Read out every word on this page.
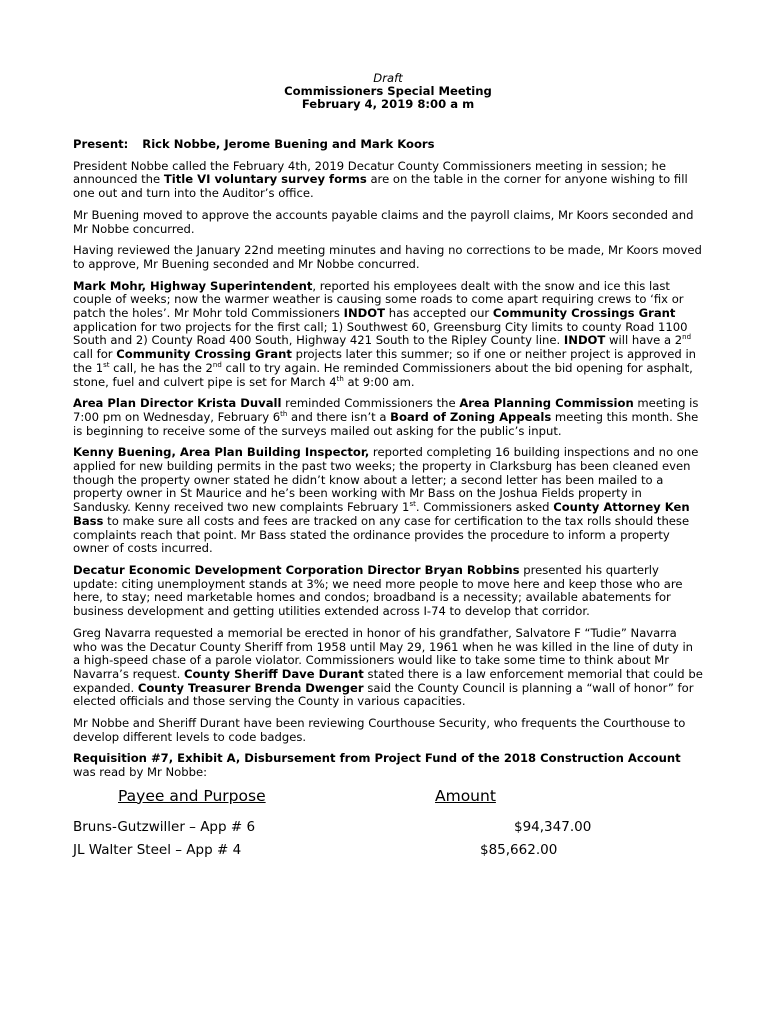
Draft
Commissioners Special Meeting
February 4, 2019 8:00 a m

Present: Rick Nobbe, Jerome Buening and Mark Koors

President Nobbe called the February 4th, 2019 Decatur County Commissioners meeting in session; he announced the Title VI voluntary survey forms are on the table in the corner for anyone wishing to fill one out and turn into the Auditor’s office.

Mr Buening moved to approve the accounts payable claims and the payroll claims, Mr Koors seconded and Mr Nobbe concurred.

Having reviewed the January 22nd meeting minutes and having no corrections to be made, Mr Koors moved to approve, Mr Buening seconded and Mr Nobbe concurred.

Mark Mohr, Highway Superintendent, reported his employees dealt with the snow and ice this last couple of weeks; now the warmer weather is causing some roads to come apart requiring crews to ‘fix or patch the holes’. Mr Mohr told Commissioners INDOT has accepted our Community Crossings Grant application for two projects for the first call; 1) Southwest 60, Greensburg City limits to county Road 1100 South and 2) County Road 400 South, Highway 421 South to the Ripley County line. INDOT will have a 2nd call for Community Crossing Grant projects later this summer; so if one or neither project is approved in the 1st call, he has the 2nd call to try again. He reminded Commissioners about the bid opening for asphalt, stone, fuel and culvert pipe is set for March 4th at 9:00 am.

Area Plan Director Krista Duvall reminded Commissioners the Area Planning Commission meeting is 7:00 pm on Wednesday, February 6th and there isn’t a Board of Zoning Appeals meeting this month. She is beginning to receive some of the surveys mailed out asking for the public’s input.

Kenny Buening, Area Plan Building Inspector, reported completing 16 building inspections and no one applied for new building permits in the past two weeks; the property in Clarksburg has been cleaned even though the property owner stated he didn’t know about a letter; a second letter has been mailed to a property owner in St Maurice and he’s been working with Mr Bass on the Joshua Fields property in Sandusky. Kenny received two new complaints February 1st. Commissioners asked County Attorney Ken Bass to make sure all costs and fees are tracked on any case for certification to the tax rolls should these complaints reach that point. Mr Bass stated the ordinance provides the procedure to inform a property owner of costs incurred.

Decatur Economic Development Corporation Director Bryan Robbins presented his quarterly update: citing unemployment stands at 3%; we need more people to move here and keep those who are here, to stay; need marketable homes and condos; broadband is a necessity; available abatements for business development and getting utilities extended across I-74 to develop that corridor.

Greg Navarra requested a memorial be erected in honor of his grandfather, Salvatore F “Tudie” Navarra who was the Decatur County Sheriff from 1958 until May 29, 1961 when he was killed in the line of duty in a high-speed chase of a parole violator. Commissioners would like to take some time to think about Mr Navarra’s request. County Sheriff Dave Durant stated there is a law enforcement memorial that could be expanded. County Treasurer Brenda Dwenger said the County Council is planning a “wall of honor” for elected officials and those serving the County in various capacities.

Mr Nobbe and Sheriff Durant have been reviewing Courthouse Security, who frequents the Courthouse to develop different levels to code badges.

Requisition #7, Exhibit A, Disbursement from Project Fund of the 2018 Construction Account was read by Mr Nobbe:

Payee and Purpose	Amount
Bruns-Gutzwiller – App # 6	$94,347.00
JL Walter Steel – App # 4	$85,662.00
